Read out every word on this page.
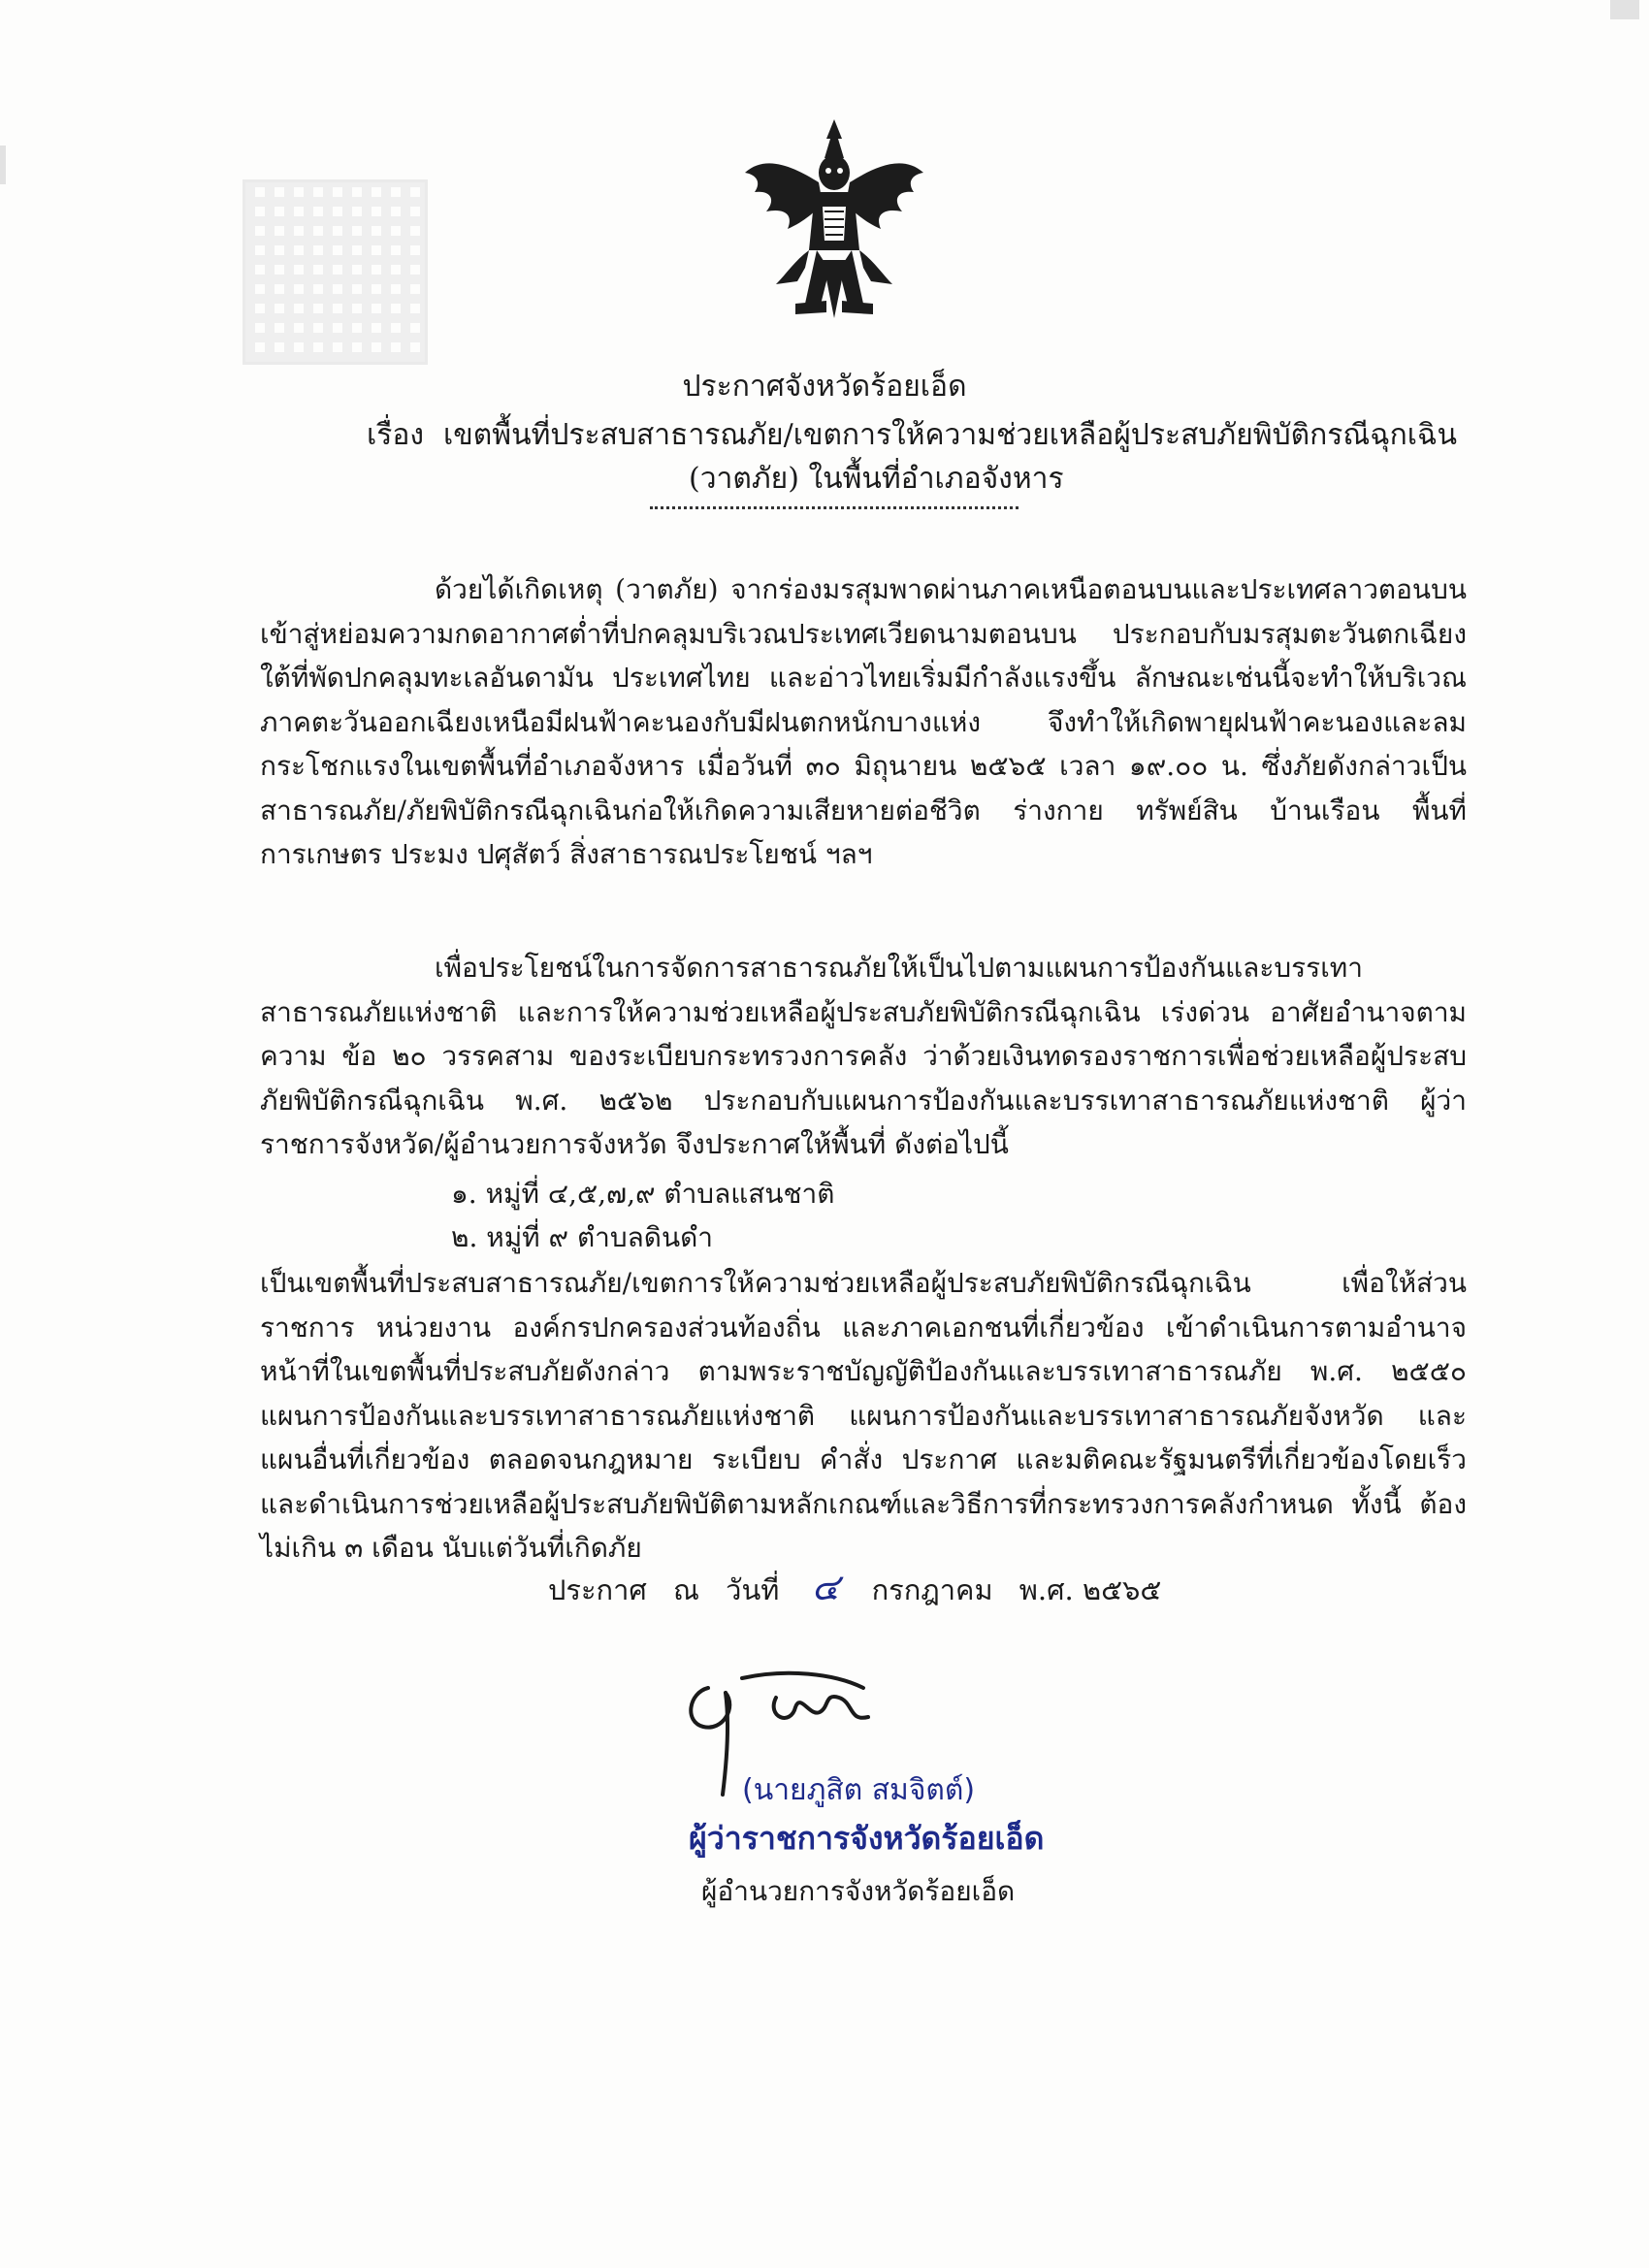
ประกาศจังหวัดร้อยเอ็ด
เรื่อง เขตพื้นที่ประสบสาธารณภัย/เขตการให้ความช่วยเหลือผู้ประสบภัยพิบัติกรณีฉุกเฉิน
(วาตภัย) ในพื้นที่อำเภอจังหาร
ด้วยได้เกิดเหตุ (วาตภัย) จากร่องมรสุมพาดผ่านภาคเหนือตอนบนและประเทศลาวตอนบน เข้าสู่หย่อมความกดอากาศต่ำที่ปกคลุมบริเวณประเทศเวียดนามตอนบน ประกอบกับมรสุมตะวันตกเฉียงใต้ที่พัดปกคลุมทะเลอันดามัน ประเทศไทย และอ่าวไทยเริ่มมีกำลังแรงขึ้น ลักษณะเช่นนี้จะทำให้บริเวณภาคตะวันออกเฉียงเหนือมีฝนฟ้าคะนองกับมีฝนตกหนักบางแห่ง จึงทำให้เกิดพายุฝนฟ้าคะนองและลมกระโชกแรงในเขตพื้นที่อำเภอจังหาร เมื่อวันที่ ๓๐ มิถุนายน ๒๕๖๕ เวลา ๑๙.๐๐ น. ซึ่งภัยดังกล่าวเป็นสาธารณภัย/ภัยพิบัติกรณีฉุกเฉินก่อให้เกิดความเสียหายต่อชีวิต ร่างกาย ทรัพย์สิน บ้านเรือน พื้นที่การเกษตร ประมง ปศุสัตว์ สิ่งสาธารณประโยชน์ ฯลฯ
เพื่อประโยชน์ในการจัดการสาธารณภัยให้เป็นไปตามแผนการป้องกันและบรรเทาสาธารณภัยแห่งชาติ และการให้ความช่วยเหลือผู้ประสบภัยพิบัติกรณีฉุกเฉิน เร่งด่วน อาศัยอำนาจตามความ ข้อ ๒๐ วรรคสาม ของระเบียบกระทรวงการคลัง ว่าด้วยเงินทดรองราชการเพื่อช่วยเหลือผู้ประสบภัยพิบัติกรณีฉุกเฉิน พ.ศ. ๒๕๖๒ ประกอบกับแผนการป้องกันและบรรเทาสาธารณภัยแห่งชาติ ผู้ว่าราชการจังหวัด/ผู้อำนวยการจังหวัด จึงประกาศให้พื้นที่ ดังต่อไปนี้
๑. หมู่ที่ ๔,๕,๗,๙ ตำบลแสนชาติ
๒. หมู่ที่ ๙ ตำบลดินดำ
เป็นเขตพื้นที่ประสบสาธารณภัย/เขตการให้ความช่วยเหลือผู้ประสบภัยพิบัติกรณีฉุกเฉิน เพื่อให้ส่วนราชการ หน่วยงาน องค์กรปกครองส่วนท้องถิ่น และภาคเอกชนที่เกี่ยวข้อง เข้าดำเนินการตามอำนาจหน้าที่ในเขตพื้นที่ประสบภัยดังกล่าว ตามพระราชบัญญัติป้องกันและบรรเทาสาธารณภัย พ.ศ. ๒๕๕๐ แผนการป้องกันและบรรเทาสาธารณภัยแห่งชาติ แผนการป้องกันและบรรเทาสาธารณภัยจังหวัด และแผนอื่นที่เกี่ยวข้อง ตลอดจนกฎหมาย ระเบียบ คำสั่ง ประกาศ และมติคณะรัฐมนตรีที่เกี่ยวข้องโดยเร็ว และดำเนินการช่วยเหลือผู้ประสบภัยพิบัติตามหลักเกณฑ์และวิธีการที่กระทรวงการคลังกำหนด ทั้งนี้ ต้องไม่เกิน ๓ เดือน นับแต่วันที่เกิดภัย
ประกาศ ณ วันที่ ๔ กรกฎาคม พ.ศ. ๒๕๖๕
(นายภูสิต สมจิตต์)
ผู้ว่าราชการจังหวัดร้อยเอ็ด
ผู้อำนวยการจังหวัดร้อยเอ็ด
